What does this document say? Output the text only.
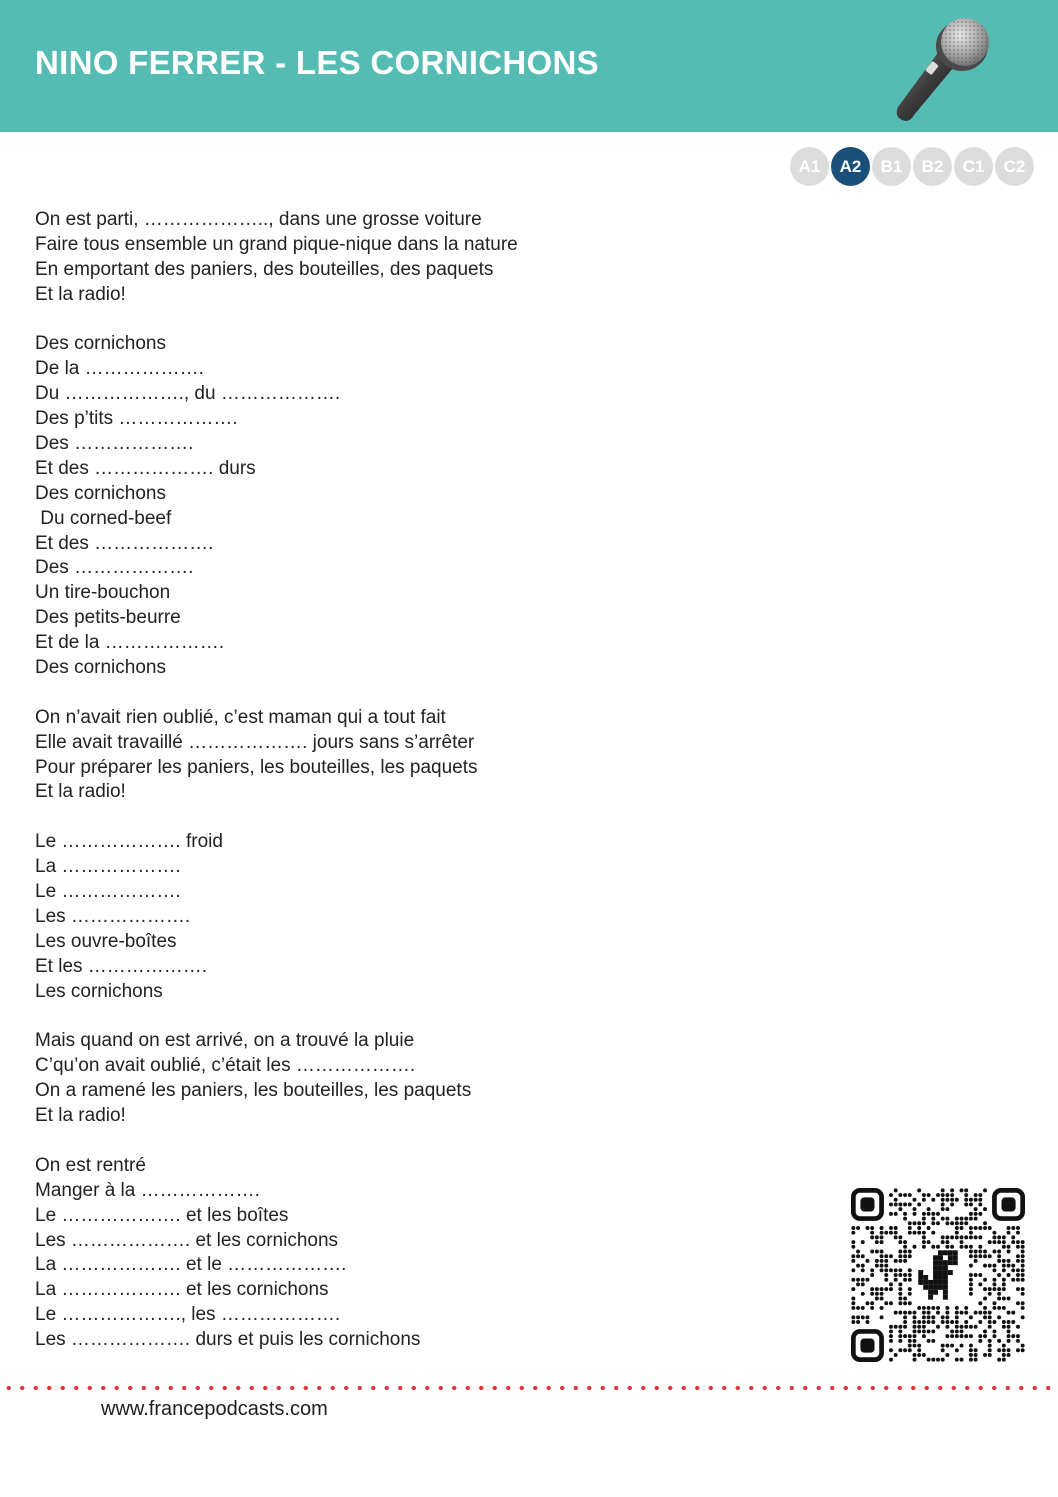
NINO FERRER - LES CORNICHONS
A1	A2	B1	B2	C1	C2
On est parti, ……………….., dans une grosse voiture
Faire tous ensemble un grand pique-nique dans la nature
En emportant des paniers, des bouteilles, des paquets
Et la radio!
Des cornichons
De la ……………….
Du ………………., du ……………….
Des p’tits ……………….
Des ……………….
Et des ………………. durs
Des cornichons
Du corned-beef
Et des ……………….
Des ……………….
Un tire-bouchon
Des petits-beurre
Et de la ……………….
Des cornichons
On n’avait rien oublié, c’est maman qui a tout fait
Elle avait travaillé ………………. jours sans s’arrêter
Pour préparer les paniers, les bouteilles, les paquets
Et la radio!
Le ………………. froid
La ……………….
Le ……………….
Les ……………….
Les ouvre-boîtes
Et les ……………….
Les cornichons
Mais quand on est arrivé, on a trouvé la pluie
C’qu’on avait oublié, c’était les ……………….
On a ramené les paniers, les bouteilles, les paquets
Et la radio!
On est rentré
Manger à la ……………….
Le ………………. et les boîtes
Les ………………. et les cornichons
La ………………. et le ……………….
La ………………. et les cornichons
Le ………………., les ……………….
Les ………………. durs et puis les cornichons
www.francepodcasts.com
